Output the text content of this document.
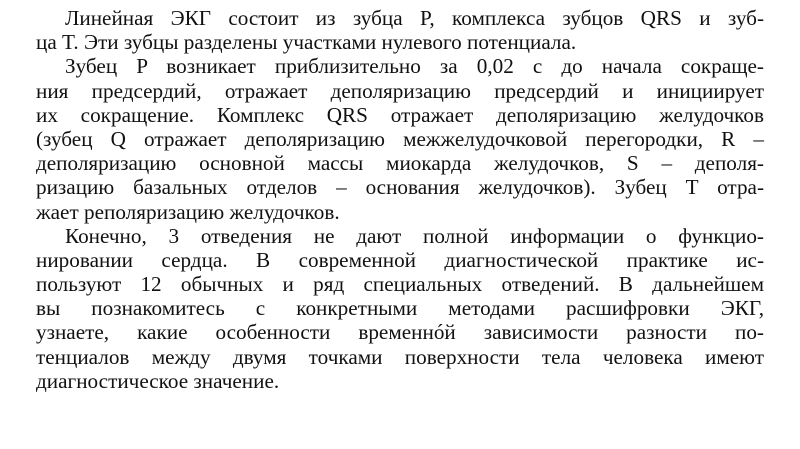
Линейная ЭКГ состоит из зубца P, комплекса зубцов QRS и зуб-
ца T. Эти зубцы разделены участками нулевого потенциала.
Зубец P возникает приблизительно за 0,02 с до начала сокраще-
ния предсердий, отражает деполяризацию предсердий и инициирует
их сокращение. Комплекс QRS отражает деполяризацию желудочков
(зубец Q отражает деполяризацию межжелудочковой перегородки, R –
деполяризацию основной массы миокарда желудочков, S – деполя-
ризацию базальных отделов – основания желудочков). Зубец T отра-
жает реполяризацию желудочков.
Конечно, 3 отведения не дают полной информации о функцио-
нировании сердца. В современной диагностической практике ис-
пользуют 12 обычных и ряд специальных отведений. В дальнейшем
вы познакомитесь с конкретными методами расшифровки ЭКГ,
узнаете, какие особенности временнóй зависимости разности по-
тенциалов между двумя точками поверхности тела человека имеют
диагностическое значение.
